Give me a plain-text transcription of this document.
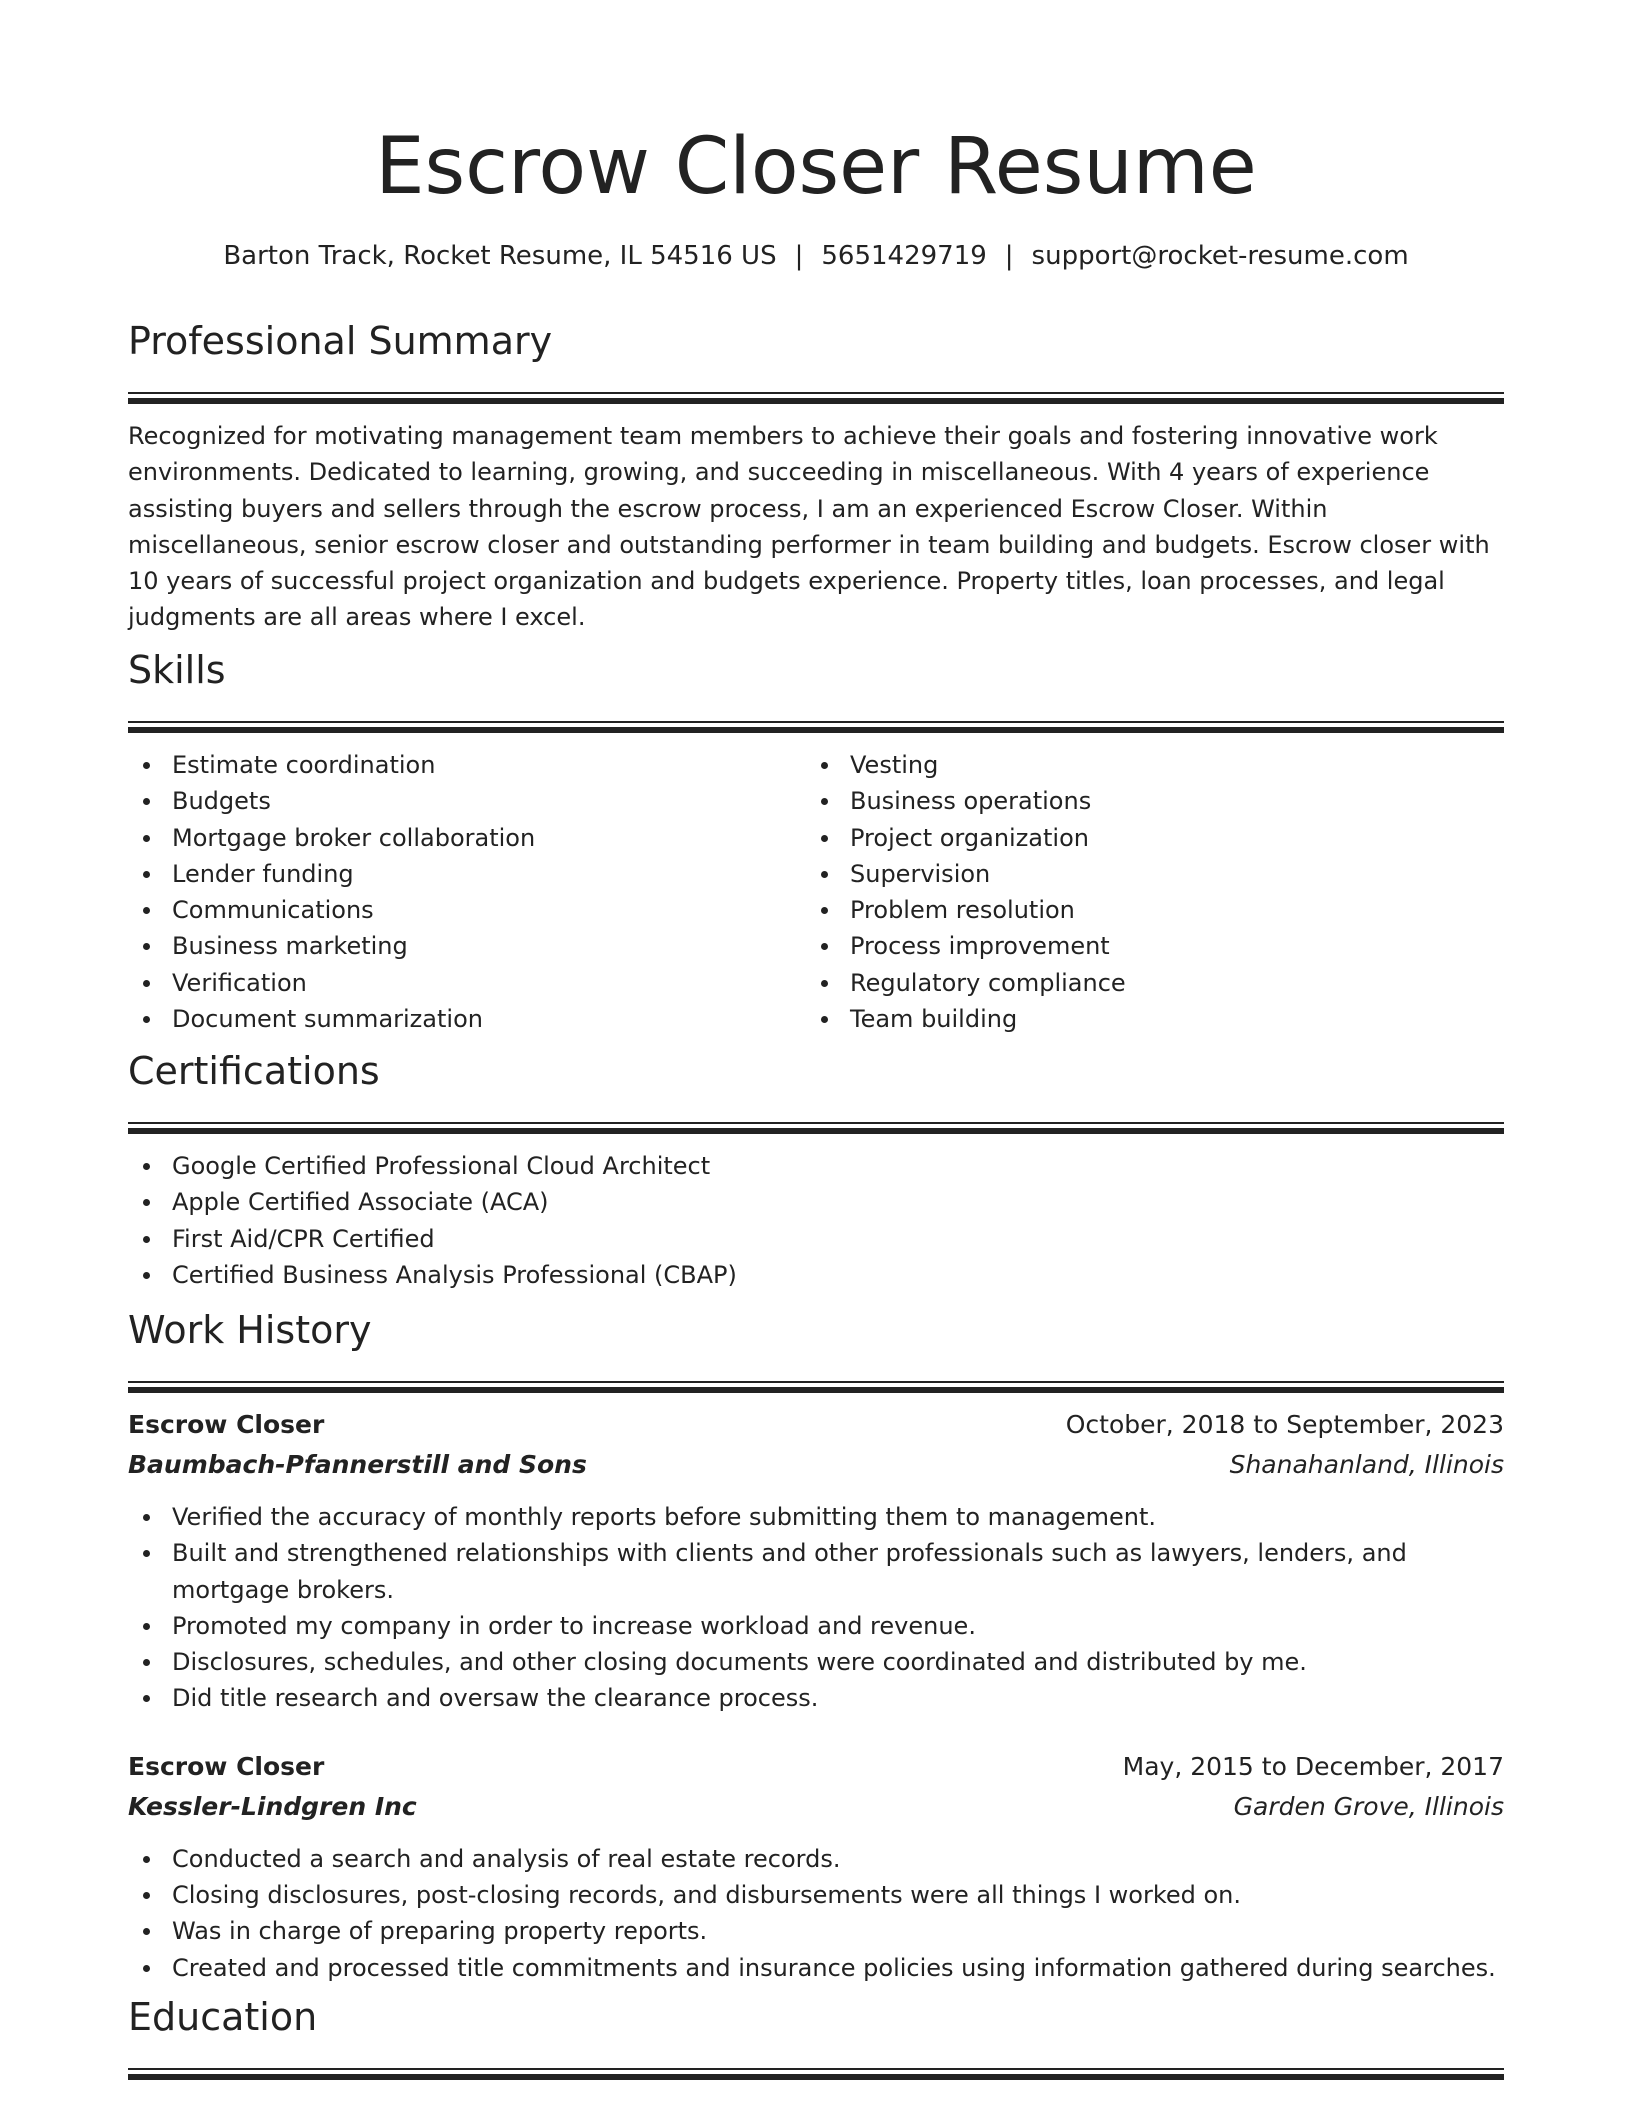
Escrow Closer Resume
Barton Track, Rocket Resume, IL 54516 US | 5651429719 | support@rocket-resume.com
Professional Summary
Recognized for motivating management team members to achieve their goals and fostering innovative work environments. Dedicated to learning, growing, and succeeding in miscellaneous. With 4 years of experience assisting buyers and sellers through the escrow process, I am an experienced Escrow Closer. Within miscellaneous, senior escrow closer and outstanding performer in team building and budgets. Escrow closer with 10 years of successful project organization and budgets experience. Property titles, loan processes, and legal judgments are all areas where I excel.
Skills
Estimate coordination
Budgets
Mortgage broker collaboration
Lender funding
Communications
Business marketing
Verification
Document summarization
Vesting
Business operations
Project organization
Supervision
Problem resolution
Process improvement
Regulatory compliance
Team building
Certifications
Google Certified Professional Cloud Architect
Apple Certified Associate (ACA)
First Aid/CPR Certified
Certified Business Analysis Professional (CBAP)
Work History
Escrow Closer	October, 2018 to September, 2023
Baumbach-Pfannerstill and Sons	Shanahanland, Illinois
Verified the accuracy of monthly reports before submitting them to management.
Built and strengthened relationships with clients and other professionals such as lawyers, lenders, and mortgage brokers.
Promoted my company in order to increase workload and revenue.
Disclosures, schedules, and other closing documents were coordinated and distributed by me.
Did title research and oversaw the clearance process.
Escrow Closer	May, 2015 to December, 2017
Kessler-Lindgren Inc	Garden Grove, Illinois
Conducted a search and analysis of real estate records.
Closing disclosures, post-closing records, and disbursements were all things I worked on.
Was in charge of preparing property reports.
Created and processed title commitments and insurance policies using information gathered during searches.
Education
